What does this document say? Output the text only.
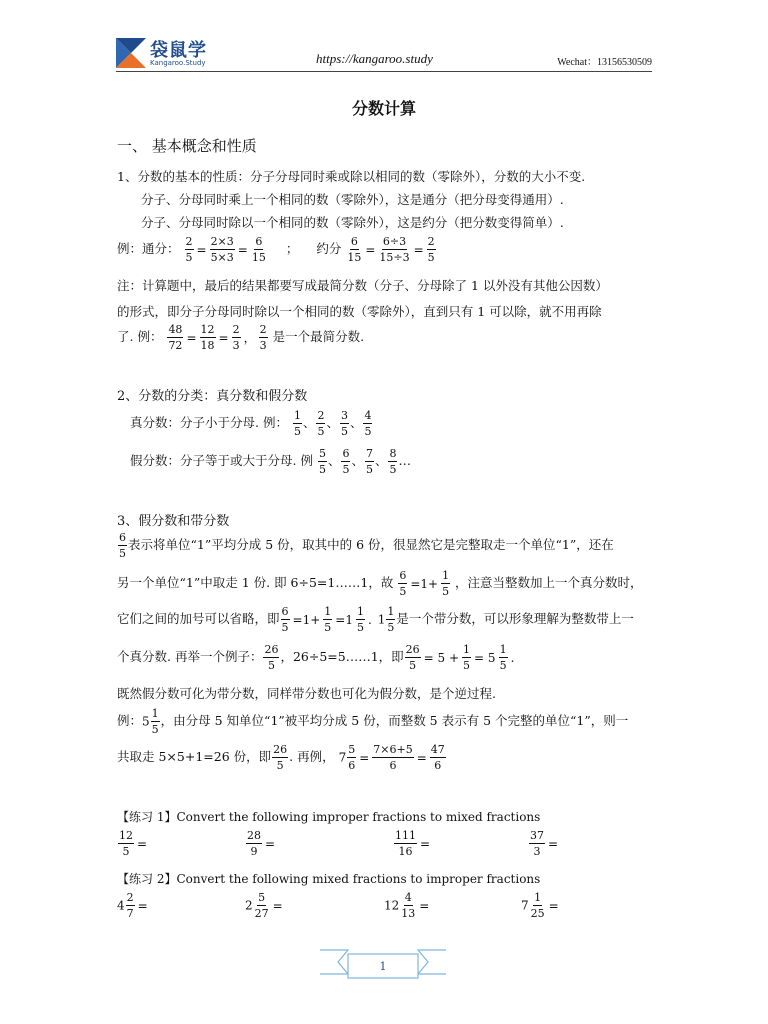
袋鼠学
Kangaroo.Study	https://kangaroo.study	Wechat：13156530509
分数计算
一、 基本概念和性质
1、分数的基本的性质：分子分母同时乘或除以相同的数（零除外），分数的大小不变.
分子、分母同时乘上一个相同的数（零除外），这是通分（把分母变得通用）.
分子、分母同时除以一个相同的数（零除外），这是约分（把分数变得简单）.
例：通分： $\frac{2}{5} = \frac{2\times 3}{5\times 3} = \frac{6}{15}$ ； 约分 $\frac{6}{15} = \frac{6\div 3}{15\div 3} = \frac{2}{5}$
注：计算题中，最后的结果都要写成最简分数（分子、分母除了 1 以外没有其他公因数）
的形式，即分子分母同时除以一个相同的数（零除外），直到只有 1 可以除，就不用再除
了. 例： $\frac{48}{72} = \frac{12}{18} = \frac{2}{3}$ ， $\frac{2}{3}$ 是一个最简分数.
2、分数的分类：真分数和假分数
真分数：分子小于分母. 例： $\frac{1}{5}$ 、 $\frac{2}{5}$ 、 $\frac{3}{5}$ 、 $\frac{4}{5}$
假分数：分子等于或大于分母. 例 $\frac{5}{5}$ 、 $\frac{6}{5}$ 、 $\frac{7}{5}$ 、 $\frac{8}{5}$ …
3、假分数和带分数
$\frac{6}{5}$ 表示将单位“1”平均分成 5 份，取其中的 6 份，很显然它是完整取走一个单位“1”，还在
另一个单位“1”中取走 1 份. 即 6÷5=1……1，故 $\frac{6}{5} =1+ \frac{1}{5}$ ，注意当整数加上一个真分数时，
它们之间的加号可以省略，即 $\frac{6}{5} =1+ \frac{1}{5} =1 \frac{1}{5}$ . $1 \frac{1}{5}$ 是一个带分数，可以形象理解为整数带上一
个真分数. 再举一个例子： $\frac{26}{5}$ ，26÷5=5……1，即 $\frac{26}{5} = 5 + \frac{1}{5} = 5 \frac{1}{5}$ .
既然假分数可化为带分数，同样带分数也可化为假分数，是个逆过程.
例：$5 \frac{1}{5}$ ，由分母 5 知单位“1”被平均分成 5 份，而整数 5 表示有 5 个完整的单位“1”，则一
共取走 5×5+1=26 份，即 $\frac{26}{5}$ . 再例， $7 \frac{5}{6} = \frac{7\times 6+5}{6} = \frac{47}{6}$
【练习 1】Convert the following improper fractions to mixed fractions
$\frac{12}{5}$ =	$\frac{28}{9}$ =	$\frac{111}{16}$ =	$\frac{37}{3}$ =
【练习 2】Convert the following mixed fractions to improper fractions
$4 \frac{2}{7}$ =	$2 \frac{5}{27}$ =	$12 \frac{4}{13}$ =	$7 \frac{1}{25}$ =
1
